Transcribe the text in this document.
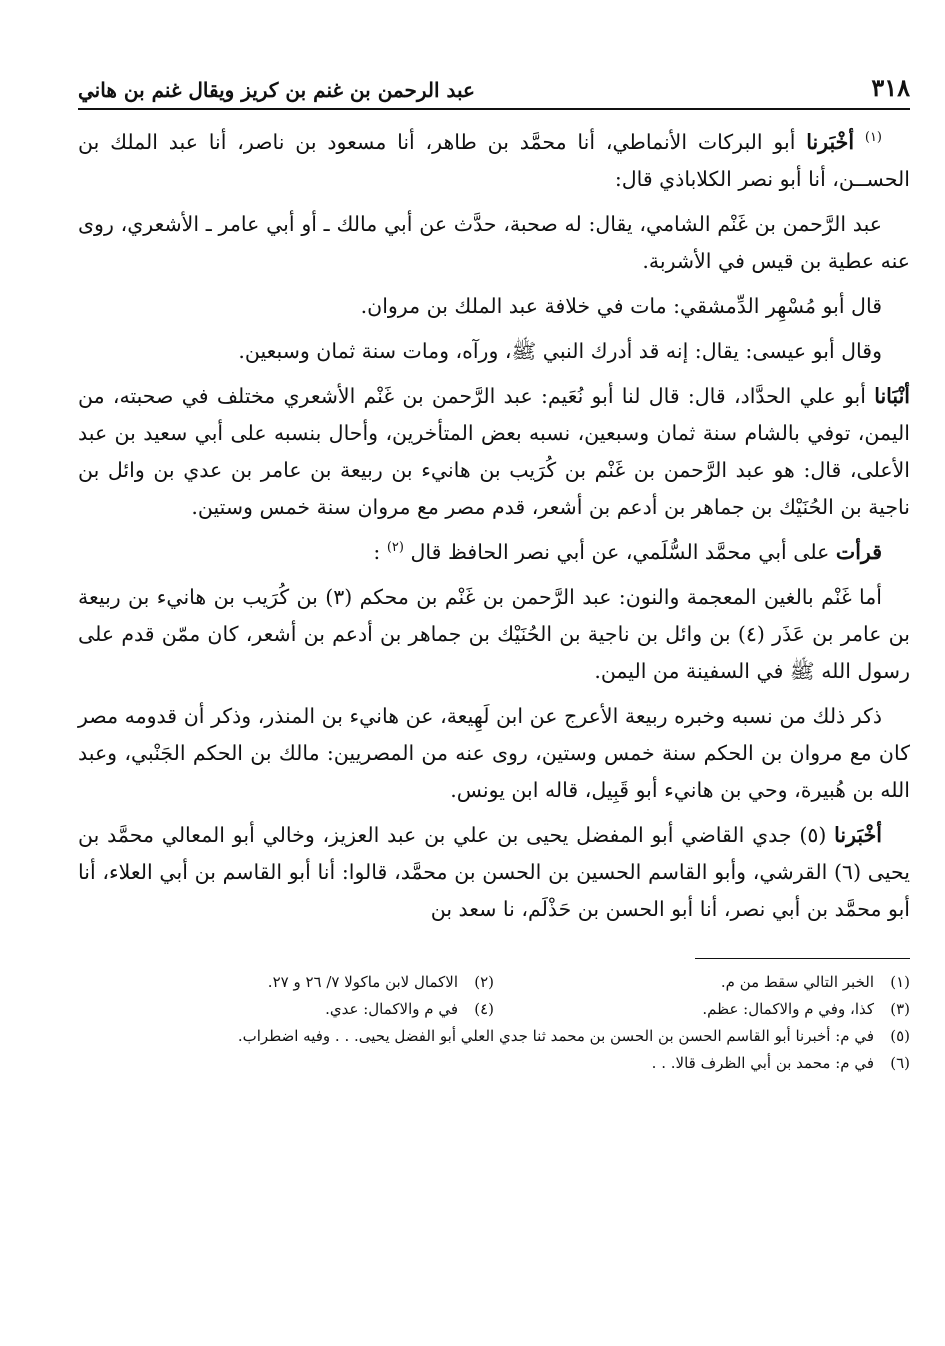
٣١٨
عبد الرحمن بن غنم بن كريز ويقال غنم بن هاني

$^{(١)}$ أخْبَرنا أبو البركات الأنماطي، أنا محمَّد بن طاهر، أنا مسعود بن ناصر، أنا عبد الملك بن الحســن، أنا أبو نصر الكلاباذي قال:

عبد الرَّحمن بن غَنْم الشامي، يقال: له صحبة، حدَّث عن أبي مالك ـ أو أبي عامر ـ الأشعري، روى عنه عطية بن قيس في الأشربة.

قال أبو مُسْهِر الدِّمشقي: مات في خلافة عبد الملك بن مروان.

وقال أبو عيسى: يقال: إنه قد أدرك النبي ﷺ، ورآه، ومات سنة ثمان وسبعين.

أنْبَانا أبو علي الحدَّاد، قال: قال لنا أبو نُعَيم: عبد الرَّحمن بن غَنْم الأشعري مختلف في صحبته، من اليمن، توفي بالشام سنة ثمان وسبعين، نسبه بعض المتأخرين، وأحال بنسبه على أبي سعيد بن عبد الأعلى، قال: هو عبد الرَّحمن بن غَنْم بن كُرَيب بن هانيء بن ربيعة بن عامر بن عدي بن وائل بن ناجية بن الحُنَيْك بن جماهر بن أدعم بن أشعر، قدم مصر مع مروان سنة خمس وستين.

قرأت على أبي محمَّد السُّلَمي، عن أبي نصر الحافظ قال $^{(٢)}$ :

أما غَنْم بالغين المعجمة والنون: عبد الرَّحمن بن غَنْم بن محكم (٣) بن كُرَيب بن هانيء بن ربيعة بن عامر بن عَذَر (٤) بن وائل بن ناجية بن الحُنَيْك بن جماهر بن أدعم بن أشعر، كان ممّن قدم على رسول الله ﷺ في السفينة من اليمن.

ذكر ذلك من نسبه وخبره ربيعة الأعرج عن ابن لَهِيعة، عن هانيء بن المنذر، وذكر أن قدومه مصر كان مع مروان بن الحكم سنة خمس وستين، روى عنه من المصريين: مالك بن الحكم الجَنْبي، وعبد الله بن هُبيرة، وحي بن هانيء أبو قَبِيل، قاله ابن يونس.

أخْبَرنا (٥) جدي القاضي أبو المفضل يحيى بن علي بن عبد العزيز، وخالي أبو المعالي محمَّد بن يحيى (٦) القرشي، وأبو القاسم الحسين بن الحسن بن محمَّد، قالوا: أنا أبو القاسم بن أبي العلاء، أنا أبو محمَّد بن أبي نصر، أنا أبو الحسن بن حَذْلَم، نا سعد بن

(١)
الخبر التالي سقط من م.
(٢)
الاكمال لابن ماكولا ٧/ ٢٦ و ٢٧.
(٣)
كذا، وفي م والاكمال: عظم.
(٤)
في م والاكمال: عدي.
(٥)
في م: أخبرنا أبو القاسم الحسن بن الحسن بن محمد ثنا جدي العلي أبو الفضل يحيى. . . وفيه اضطراب.
(٦)
في م: محمد بن أبي الظرف قالا. . .
